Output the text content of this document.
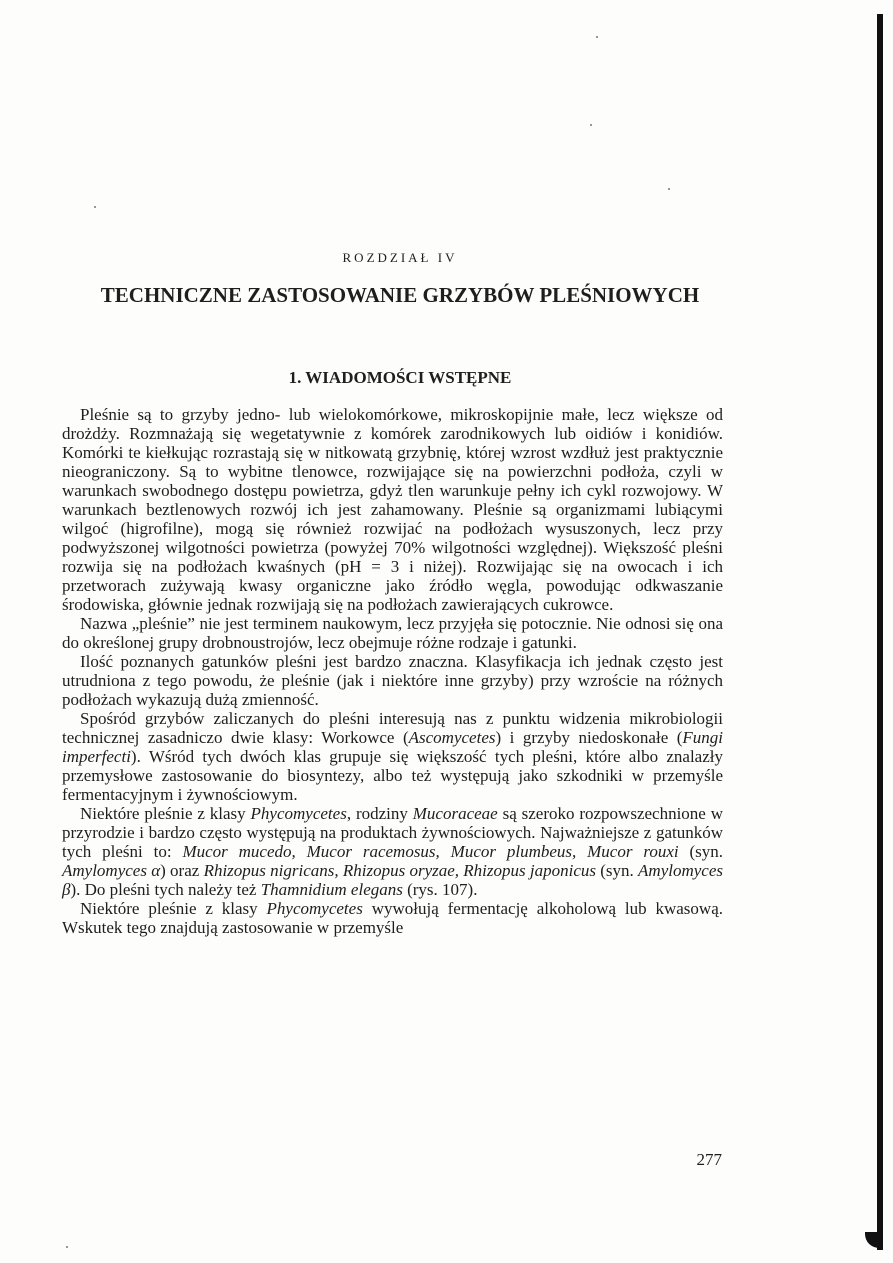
ROZDZIAŁ IV
TECHNICZNE ZASTOSOWANIE GRZYBÓW PLEŚNIOWYCH
1. WIADOMOŚCI WSTĘPNE

Pleśnie są to grzyby jedno- lub wielokomórkowe, mikroskopijnie małe, lecz większe od drożdży. Rozmnażają się wegetatywnie z komórek zarodnikowych lub oidiów i konidiów. Komórki te kiełkując rozrastają się w nitkowatą grzybnię, której wzrost wzdłuż jest praktycznie nieograniczony. Są to wybitne tlenowce, rozwijające się na powierzchni podłoża, czyli w warunkach swobodnego dostępu powietrza, gdyż tlen warunkuje pełny ich cykl rozwojowy. W warunkach beztlenowych rozwój ich jest zahamowany. Pleśnie są organizmami lubiącymi wilgoć (higrofilne), mogą się również rozwijać na podłożach wysuszonych, lecz przy podwyższonej wilgotności powietrza (powyżej 70% wilgotności względnej). Większość pleśni rozwija się na podłożach kwaśnych (pH = 3 i niżej). Rozwijając się na owocach i ich przetworach zużywają kwasy organiczne jako źródło węgla, powodując odkwaszanie środowiska, głównie jednak rozwijają się na podłożach zawierających cukrowce.

Nazwa „pleśnie” nie jest terminem naukowym, lecz przyjęła się potocznie. Nie odnosi się ona do określonej grupy drobnoustrojów, lecz obejmuje różne rodzaje i gatunki.

Ilość poznanych gatunków pleśni jest bardzo znaczna. Klasyfikacja ich jednak często jest utrudniona z tego powodu, że pleśnie (jak i niektóre inne grzyby) przy wzroście na różnych podłożach wykazują dużą zmienność.

Spośród grzybów zaliczanych do pleśni interesują nas z punktu widzenia mikrobiologii technicznej zasadniczo dwie klasy: Workowce (Ascomycetes) i grzyby niedoskonałe (Fungi imperfecti). Wśród tych dwóch klas grupuje się większość tych pleśni, które albo znalazły przemysłowe zastosowanie do biosyntezy, albo też występują jako szkodniki w przemyśle fermentacyjnym i żywnościowym.

Niektóre pleśnie z klasy Phycomycetes, rodziny Mucoraceae są szeroko rozpowszechnione w przyrodzie i bardzo często występują na produktach żywnościowych. Najważniejsze z gatunków tych pleśni to: Mucor mucedo, Mucor racemosus, Mucor plumbeus, Mucor rouxi (syn. Amylomyces α) oraz Rhizopus nigricans, Rhizopus oryzae, Rhizopus japonicus (syn. Amylomyces β). Do pleśni tych należy też Thamnidium elegans (rys. 107).

Niektóre pleśnie z klasy Phycomycetes wywołują fermentację alkoholową lub kwasową. Wskutek tego znajdują zastosowanie w przemyśle

277
